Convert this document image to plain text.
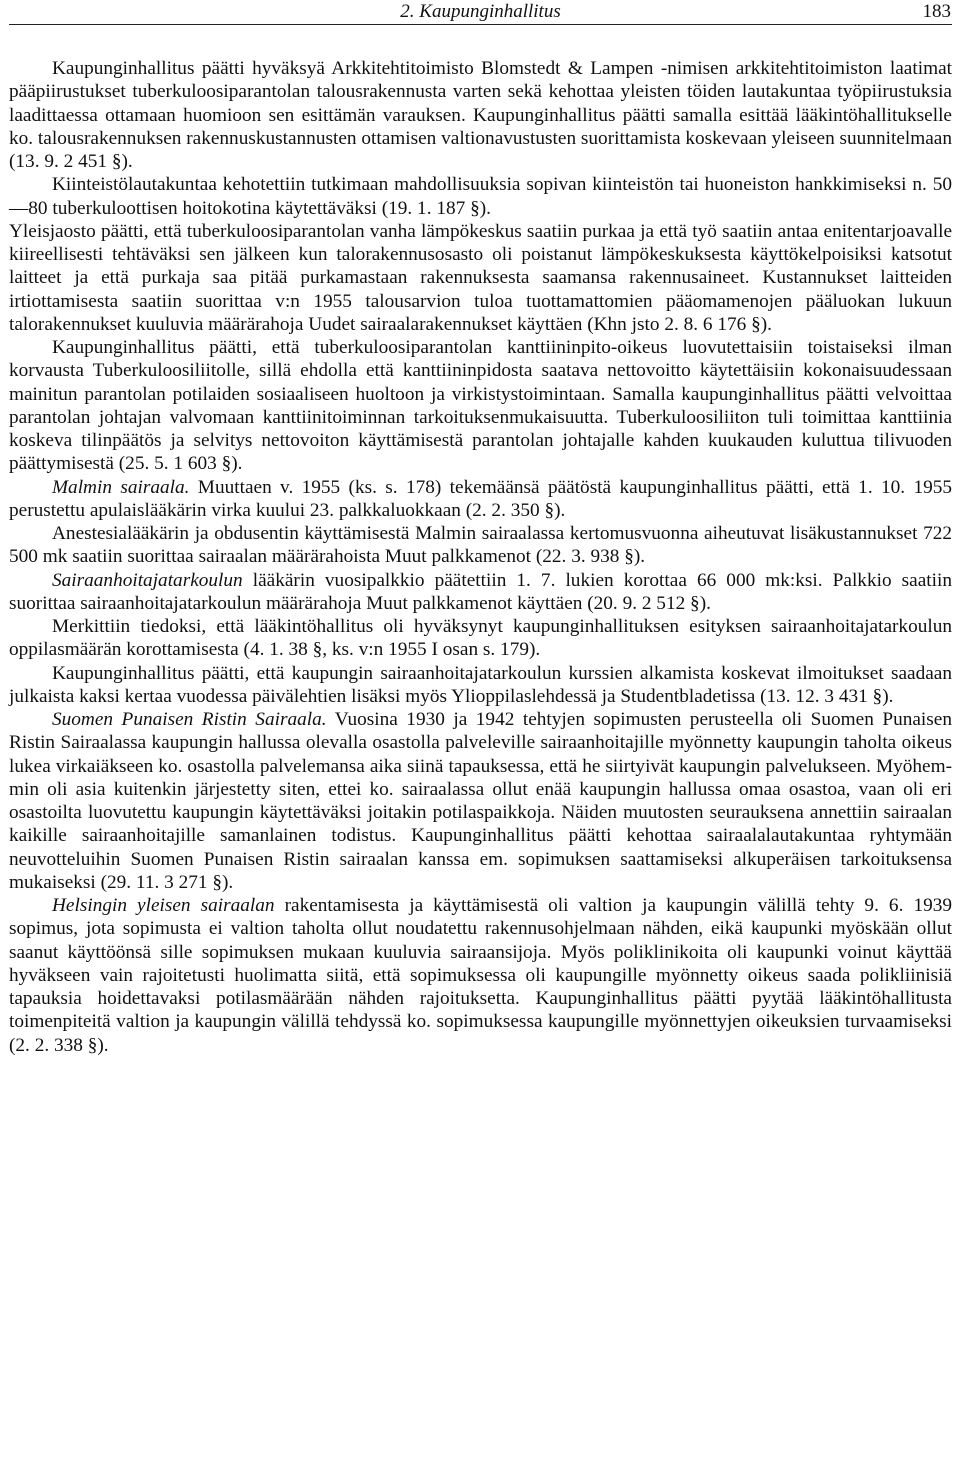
2. Kaupunginhallitus	183

Kaupunginhallitus päätti hyväksyä Arkkitehtitoimisto Blomstedt & Lampen -nimisen arkkitehtitoimiston laatimat pääpiirustukset tuberkuloosiparantolan talousrakennusta varten sekä kehottaa yleisten töiden lautakuntaa työpiirustuksia laadittaessa ottamaan huomioon sen esittämän varauksen. Kaupunginhallitus päätti samalla esittää lääkintöhallitukselle ko. talousrakennuksen rakennuskustannusten ottamisen valtionavustusten suorittamista koskevaan yleiseen suunnitelmaan (13. 9. 2 451 §).

Kiinteistölautakuntaa kehotettiin tutkimaan mahdollisuuksia sopivan kiinteistön tai huoneiston hankkimiseksi n. 50—80 tuberkuloottisen hoitokotina käytettäväksi (19. 1. 187 §).

Yleisjaosto päätti, että tuberkuloosiparantolan vanha lämpökeskus saatiin purkaa ja että työ saatiin antaa enitentarjoavalle kiireellisesti tehtäväksi sen jälkeen kun talorakennusosasto oli poistanut lämpökeskuksesta käyttökelpoisiksi katsotut laitteet ja että purkaja saa pitää purkamastaan rakennuksesta saamansa rakennusaineet. Kustannukset laitteiden irtiottamisesta saatiin suorittaa v:n 1955 talousarvion tuloa tuottamattomien pääomamenojen pääluokan lukuun talorakennukset kuuluvia määrärahoja Uudet sairaalarakennukset käyttäen (Khn jsto 2. 8. 6 176 §).

Kaupunginhallitus päätti, että tuberkuloosiparantolan kanttiininpito-oikeus luovutettaisiin toistaiseksi ilman korvausta Tuberkuloosiliitolle, sillä ehdolla että kanttiininpidosta saatava nettovoitto käytettäisiin kokonaisuudessaan mainitun parantolan potilaiden sosiaaliseen huoltoon ja virkistystoimintaan. Samalla kaupunginhallitus päätti velvoittaa parantolan johtajan valvomaan kanttiinitoiminnan tarkoituksenmukaisuutta. Tuberkuloosiliiton tuli toimittaa kanttiinia koskeva tilinpäätös ja selvitys nettovoiton käyttämisestä parantolan johtajalle kahden kuukauden kuluttua tilivuoden päättymisestä (25. 5. 1 603 §).

Malmin sairaala. Muuttaen v. 1955 (ks. s. 178) tekemäänsä päätöstä kaupunginhallitus päätti, että 1. 10. 1955 perustettu apulaislääkärin virka kuului 23. palkkaluokkaan (2. 2. 350 §).

Anestesialääkärin ja obdusentin käyttämisestä Malmin sairaalassa kertomusvuonna aiheutuvat lisäkustannukset 722 500 mk saatiin suorittaa sairaalan määrärahoista Muut palkkamenot (22. 3. 938 §).

Sairaanhoitajatarkoulun lääkärin vuosipalkkio päätettiin 1. 7. lukien korottaa 66 000 mk:ksi. Palkkio saatiin suorittaa sairaanhoitajatarkoulun määrärahoja Muut palkkamenot käyttäen (20. 9. 2 512 §).

Merkittiin tiedoksi, että lääkintöhallitus oli hyväksynyt kaupunginhallituksen esityksen sairaanhoitajatarkoulun oppilasmäärän korottamisesta (4. 1. 38 §, ks. v:n 1955 I osan s. 179).

Kaupunginhallitus päätti, että kaupungin sairaanhoitajatarkoulun kurssien alkamista koskevat ilmoitukset saadaan julkaista kaksi kertaa vuodessa päivälehtien lisäksi myös Ylioppilaslehdessä ja Studentbladetissa (13. 12. 3 431 §).

Suomen Punaisen Ristin Sairaala. Vuosina 1930 ja 1942 tehtyjen sopimusten perusteella oli Suomen Punaisen Ristin Sairaalassa kaupungin hallussa olevalla osastolla palveleville sairaanhoitajille myönnetty kaupungin taholta oikeus lukea virkaiäkseen ko. osastolla palvelemansa aika siinä tapauksessa, että he siirtyivät kaupungin palvelukseen. Myöhemmin oli asia kuitenkin järjestetty siten, ettei ko. sairaalassa ollut enää kaupungin hallussa omaa osastoa, vaan oli eri osastoilta luovutettu kaupungin käytettäväksi joitakin potilaspaikkoja. Näiden muutosten seurauksena annettiin sairaalan kaikille sairaanhoitajille samanlainen todistus. Kaupunginhallitus päätti kehottaa sairaalalautakuntaa ryhtymään neuvotteluihin Suomen Punaisen Ristin sairaalan kanssa em. sopimuksen saattamiseksi alkuperäisen tarkoituksensa mukaiseksi (29. 11. 3 271 §).

Helsingin yleisen sairaalan rakentamisesta ja käyttämisestä oli valtion ja kaupungin välillä tehty 9. 6. 1939 sopimus, jota sopimusta ei valtion taholta ollut noudatettu rakennusohjelmaan nähden, eikä kaupunki myöskään ollut saanut käyttöönsä sille sopimuksen mukaan kuuluvia sairaansijoja. Myös poliklinikoita oli kaupunki voinut käyttää hyväkseen vain rajoitetusti huolimatta siitä, että sopimuksessa oli kaupungille myönnetty oikeus saada polikliinisiä tapauksia hoidettavaksi potilasmäärään nähden rajoituksetta. Kaupunginhallitus päätti pyytää lääkintöhallitusta toimenpiteitä valtion ja kaupungin välillä tehdyssä ko. sopimuksessa kaupungille myönnettyjen oikeuksien turvaamiseksi (2. 2. 338 §).
